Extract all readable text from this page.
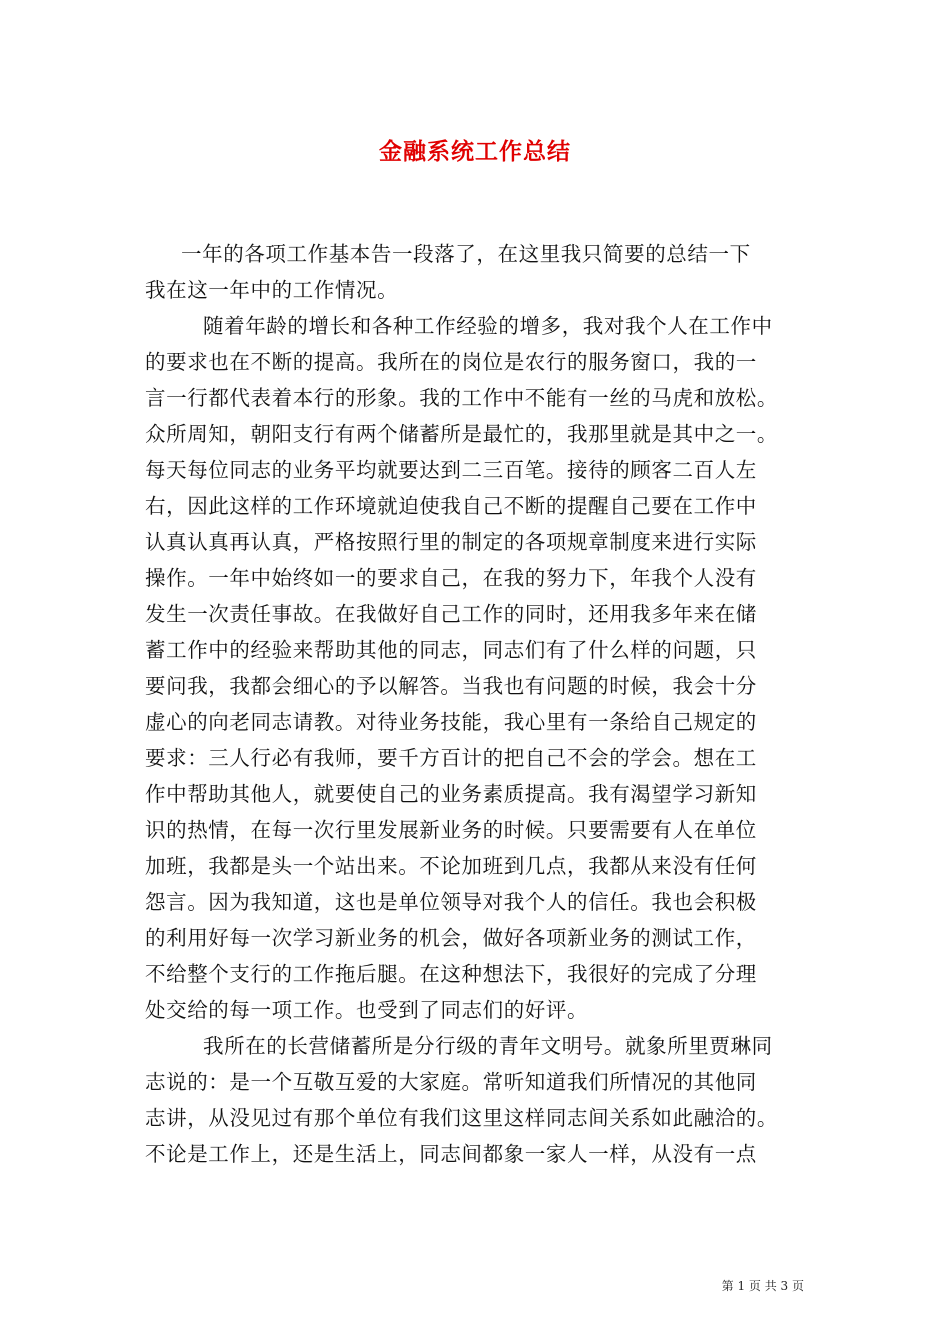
金融系统工作总结
一年的各项工作基本告一段落了，在这里我只简要的总结一下
我在这一年中的工作情况。
随着年龄的增长和各种工作经验的增多，我对我个人在工作中
的要求也在不断的提高。我所在的岗位是农行的服务窗口，我的一
言一行都代表着本行的形象。我的工作中不能有一丝的马虎和放松。
众所周知，朝阳支行有两个储蓄所是最忙的，我那里就是其中之一。
每天每位同志的业务平均就要达到二三百笔。接待的顾客二百人左
右，因此这样的工作环境就迫使我自己不断的提醒自己要在工作中
认真认真再认真，严格按照行里的制定的各项规章制度来进行实际
操作。一年中始终如一的要求自己，在我的努力下，年我个人没有
发生一次责任事故。在我做好自己工作的同时，还用我多年来在储
蓄工作中的经验来帮助其他的同志，同志们有了什么样的问题，只
要问我，我都会细心的予以解答。当我也有问题的时候，我会十分
虚心的向老同志请教。对待业务技能，我心里有一条给自己规定的
要求：三人行必有我师，要千方百计的把自己不会的学会。想在工
作中帮助其他人，就要使自己的业务素质提高。我有渴望学习新知
识的热情，在每一次行里发展新业务的时候。只要需要有人在单位
加班，我都是头一个站出来。不论加班到几点，我都从来没有任何
怨言。因为我知道，这也是单位领导对我个人的信任。我也会积极
的利用好每一次学习新业务的机会，做好各项新业务的测试工作，
不给整个支行的工作拖后腿。在这种想法下，我很好的完成了分理
处交给的每一项工作。也受到了同志们的好评。
我所在的长营储蓄所是分行级的青年文明号。就象所里贾琳同
志说的：是一个互敬互爱的大家庭。常听知道我们所情况的其他同
志讲，从没见过有那个单位有我们这里这样同志间关系如此融洽的。
不论是工作上，还是生活上，同志间都象一家人一样，从没有一点
第 1 页 共 3 页
